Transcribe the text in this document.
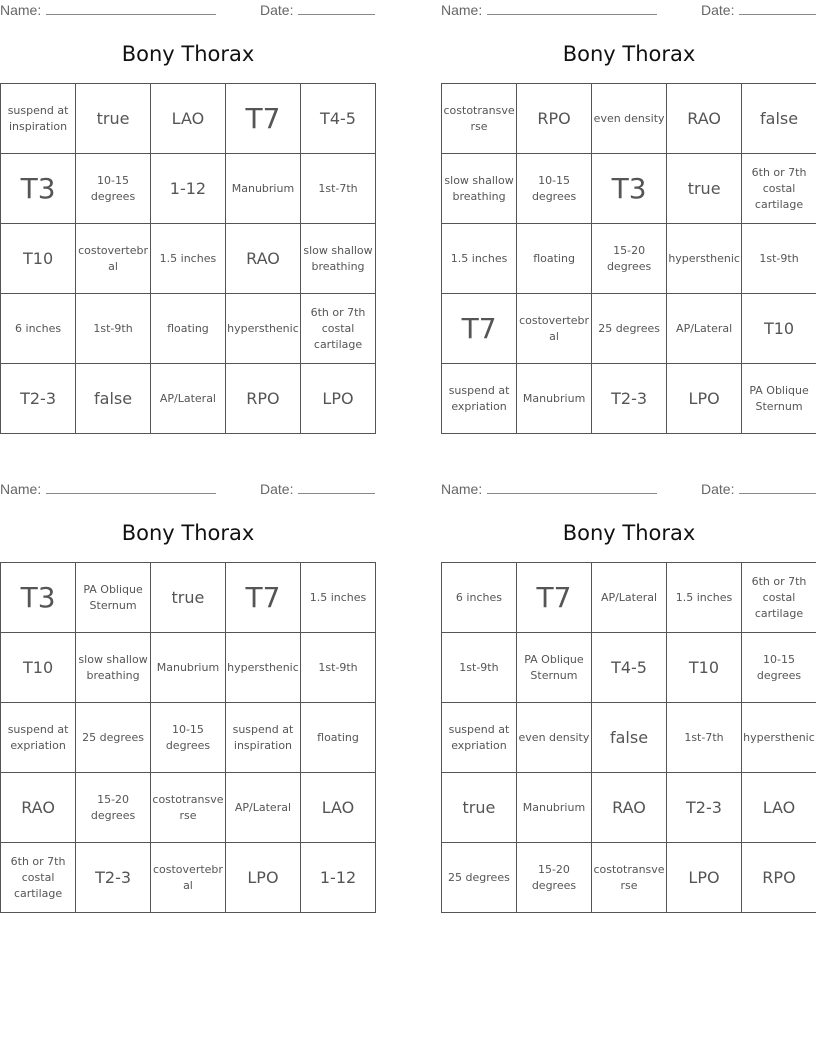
Name:	Date:
Bony Thorax
suspend at inspiration	true	LAO	T7	T4-5
T3	10-15 degrees	1-12	Manubrium	1st-7th
T10	costovertebral	1.5 inches	RAO	slow shallow breathing
6 inches	1st-9th	floating	hypersthenic	6th or 7th costal cartilage
T2-3	false	AP/Lateral	RPO	LPO
Name:	Date:
Bony Thorax
costotransverse	RPO	even density	RAO	false
slow shallow breathing	10-15 degrees	T3	true	6th or 7th costal cartilage
1.5 inches	floating	15-20 degrees	hypersthenic	1st-9th
T7	costovertebral	25 degrees	AP/Lateral	T10
suspend at expriation	Manubrium	T2-3	LPO	PA Oblique Sternum
Name:	Date:
Bony Thorax
T3	PA Oblique Sternum	true	T7	1.5 inches
T10	slow shallow breathing	Manubrium	hypersthenic	1st-9th
suspend at expriation	25 degrees	10-15 degrees	suspend at inspiration	floating
RAO	15-20 degrees	costotransverse	AP/Lateral	LAO
6th or 7th costal cartilage	T2-3	costovertebral	LPO	1-12
Name:	Date:
Bony Thorax
6 inches	T7	AP/Lateral	1.5 inches	6th or 7th costal cartilage
1st-9th	PA Oblique Sternum	T4-5	T10	10-15 degrees
suspend at expriation	even density	false	1st-7th	hypersthenic
true	Manubrium	RAO	T2-3	LAO
25 degrees	15-20 degrees	costotransverse	LPO	RPO
